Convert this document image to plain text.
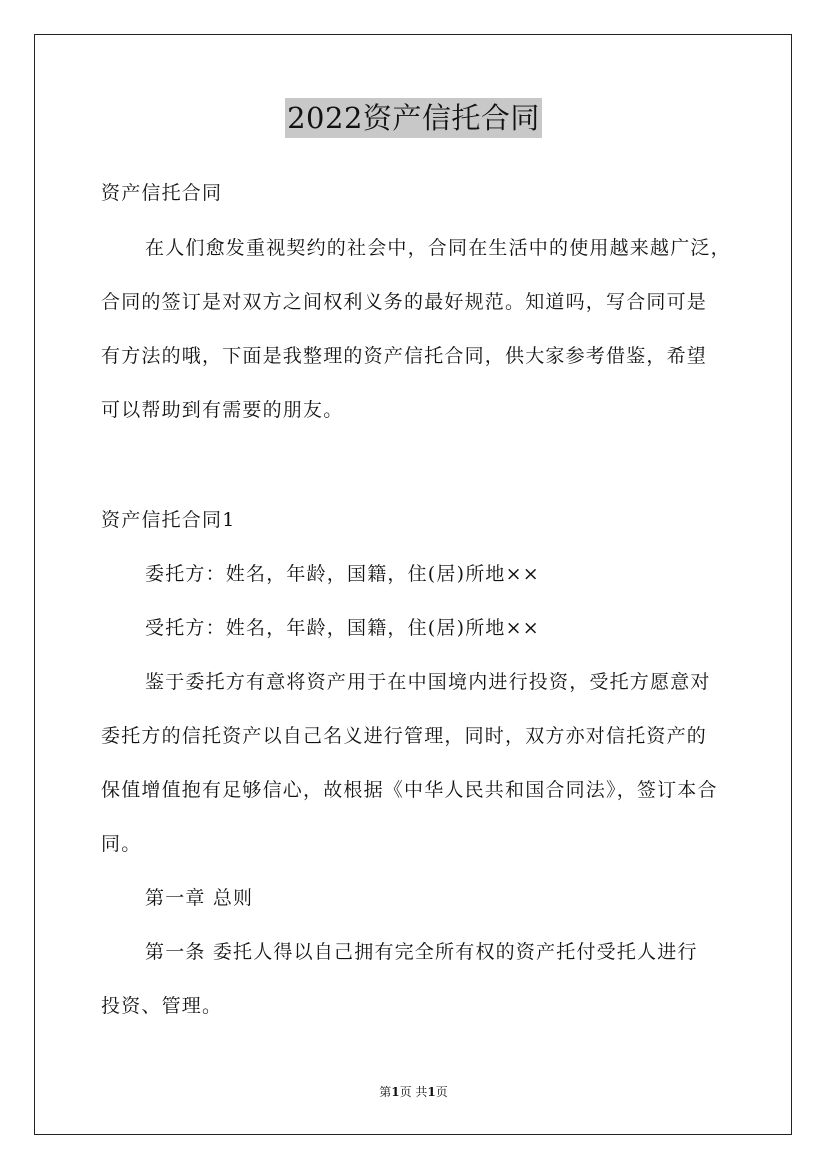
2022资产信托合同
资产信托合同
在人们愈发重视契约的社会中，合同在生活中的使用越来越广泛，
合同的签订是对双方之间权利义务的最好规范。知道吗，写合同可是
有方法的哦，下面是我整理的资产信托合同，供大家参考借鉴，希望
可以帮助到有需要的朋友。
资产信托合同1
委托方：姓名，年龄，国籍，住(居)所地××
受托方：姓名，年龄，国籍，住(居)所地××
鉴于委托方有意将资产用于在中国境内进行投资，受托方愿意对
委托方的信托资产以自己名义进行管理，同时，双方亦对信托资产的
保值增值抱有足够信心，故根据《中华人民共和国合同法》，签订本合
同。
第一章 总则
第一条 委托人得以自己拥有完全所有权的资产托付受托人进行
投资、管理。
第1页 共1页
